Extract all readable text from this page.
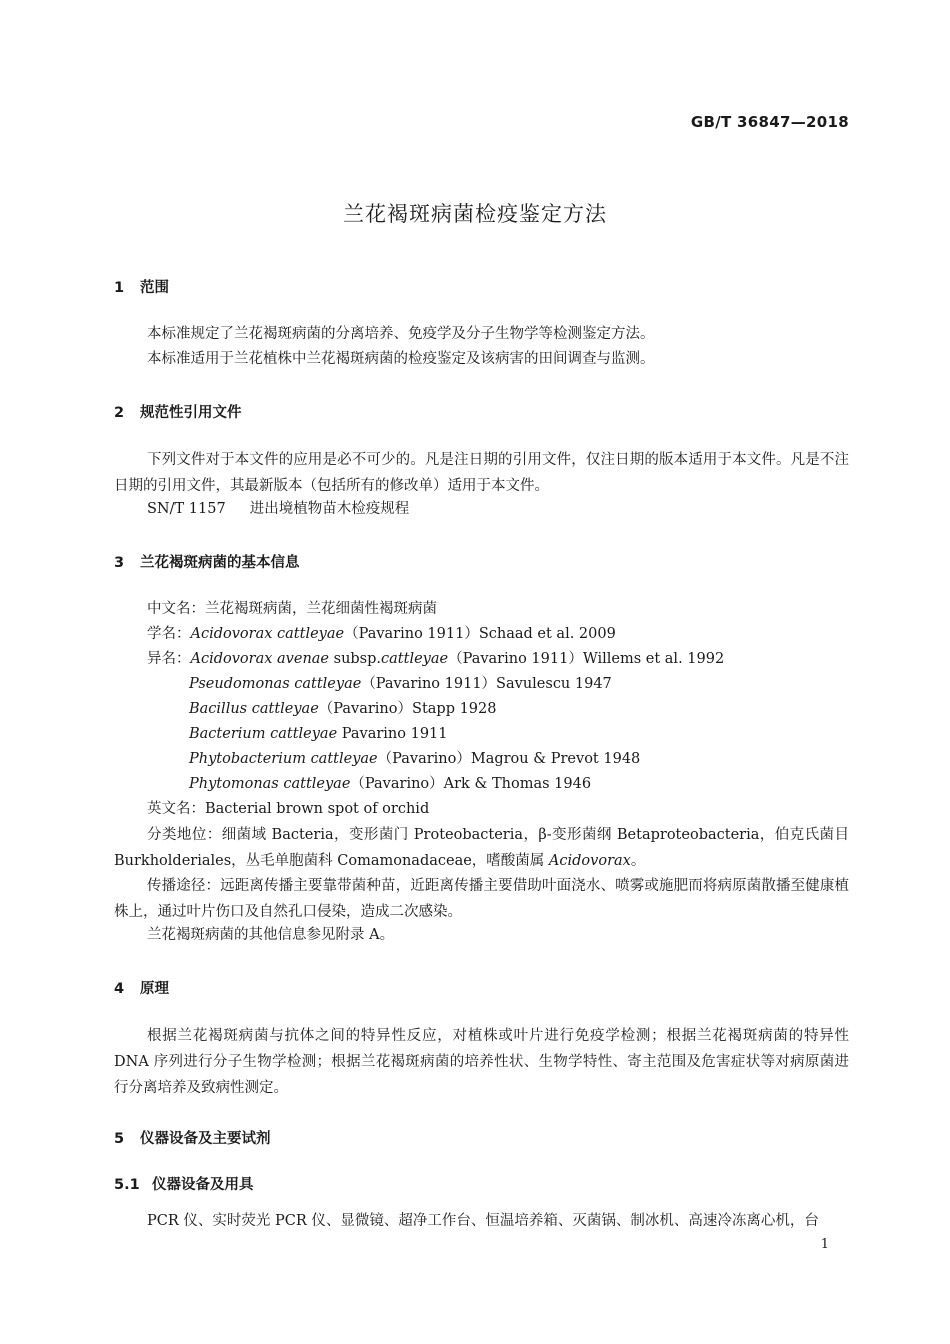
GB/T 36847—2018
兰花褐斑病菌检疫鉴定方法
1 范围
本标准规定了兰花褐斑病菌的分离培养、免疫学及分子生物学等检测鉴定方法。
本标准适用于兰花植株中兰花褐斑病菌的检疫鉴定及该病害的田间调查与监测。
2 规范性引用文件
下列文件对于本文件的应用是必不可少的。凡是注日期的引用文件，仅注日期的版本适用于本文件。凡是不注日期的引用文件，其最新版本（包括所有的修改单）适用于本文件。
SN/T 1157 进出境植物苗木检疫规程
3 兰花褐斑病菌的基本信息
中文名：兰花褐斑病菌，兰花细菌性褐斑病菌
学名：Acidovorax cattleyae（Pavarino 1911）Schaad et al. 2009
异名：Acidovorax avenae subsp.cattleyae（Pavarino 1911）Willems et al. 1992
Pseudomonas cattleyae（Pavarino 1911）Savulescu 1947
Bacillus cattleyae（Pavarino）Stapp 1928
Bacterium cattleyae Pavarino 1911
Phytobacterium cattleyae（Pavarino）Magrou & Prevot 1948
Phytomonas cattleyae（Pavarino）Ark & Thomas 1946
英文名：Bacterial brown spot of orchid
分类地位：细菌域 Bacteria，变形菌门 Proteobacteria，β-变形菌纲 Betaproteobacteria，伯克氏菌目 Burkholderiales，丛毛单胞菌科 Comamonadaceae，嗜酸菌属 Acidovorax。
传播途径：远距离传播主要靠带菌种苗，近距离传播主要借助叶面浇水、喷雾或施肥而将病原菌散播至健康植株上，通过叶片伤口及自然孔口侵染，造成二次感染。
兰花褐斑病菌的其他信息参见附录 A。
4 原理
根据兰花褐斑病菌与抗体之间的特异性反应，对植株或叶片进行免疫学检测；根据兰花褐斑病菌的特异性 DNA 序列进行分子生物学检测；根据兰花褐斑病菌的培养性状、生物学特性、寄主范围及危害症状等对病原菌进行分离培养及致病性测定。
5 仪器设备及主要试剂
5.1 仪器设备及用具
PCR 仪、实时荧光 PCR 仪、显微镜、超净工作台、恒温培养箱、灭菌锅、制冰机、高速冷冻离心机，台
1
